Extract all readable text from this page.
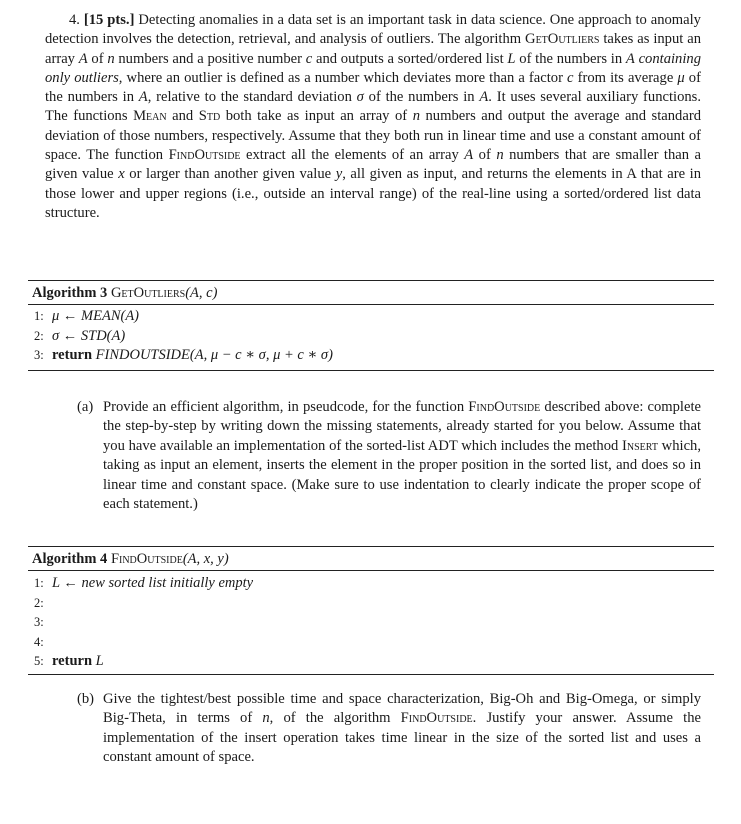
4. [15 pts.] Detecting anomalies in a data set is an important task in data science. One approach to anomaly detection involves the detection, retrieval, and analysis of outliers. The algorithm GetOutliers takes as input an array A of n numbers and a positive number c and outputs a sorted/ordered list L of the numbers in A containing only outliers, where an outlier is defined as a number which deviates more than a factor c from its average μ of the numbers in A, relative to the standard deviation σ of the numbers in A. It uses several auxiliary functions. The functions Mean and Std both take as input an array of n numbers and output the average and standard deviation of those numbers, respectively. Assume that they both run in linear time and use a constant amount of space. The function FindOutside extract all the elements of an array A of n numbers that are smaller than a given value x or larger than another given value y, all given as input, and returns the elements in A that are in those lower and upper regions (i.e., outside an interval range) of the real-line using a sorted/ordered list data structure.
Algorithm 3 GetOutliers(A, c)
1: μ ← MEAN(A)
2: σ ← STD(A)
3: return FINDOUTSIDE(A, μ − c ∗ σ, μ + c ∗ σ)
(a) Provide an efficient algorithm, in pseudcode, for the function FindOutside described above: complete the step-by-step by writing down the missing statements, already started for you below. Assume that you have available an implementation of the sorted-list ADT which includes the method Insert which, taking as input an element, inserts the element in the proper position in the sorted list, and does so in linear time and constant space. (Make sure to use indentation to clearly indicate the proper scope of each statement.)
Algorithm 4 FindOutside(A, x, y)
1: L ← new sorted list initially empty
2:
3:
4:
5: return L
(b) Give the tightest/best possible time and space characterization, Big-Oh and Big-Omega, or simply Big-Theta, in terms of n, of the algorithm FindOutside. Justify your answer. Assume the implementation of the insert operation takes time linear in the size of the sorted list and uses a constant amount of space.
